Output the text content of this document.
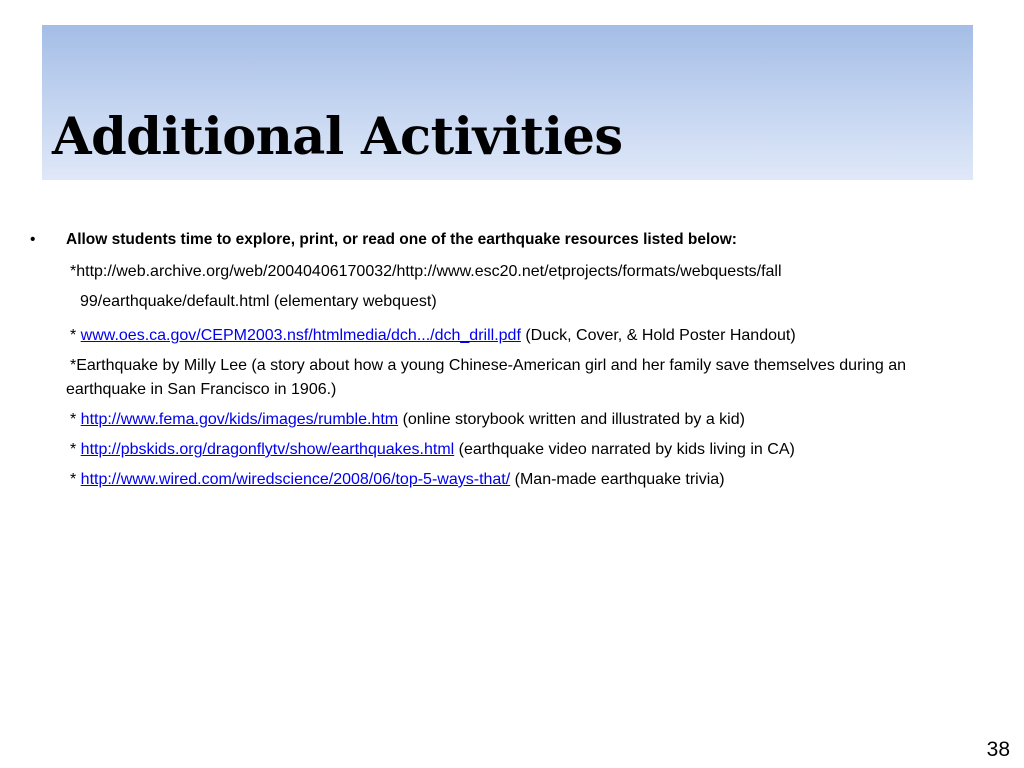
Additional Activities
• Allow students time to explore, print, or read one of the earthquake resources listed below:
*http://web.archive.org/web/20040406170032/http://www.esc20.net/etprojects/formats/webquests/fall
99/earthquake/default.html (elementary webquest)
* www.oes.ca.gov/CEPM2003.nsf/htmlmedia/dch.../dch_drill.pdf (Duck, Cover, & Hold Poster Handout)
*Earthquake by Milly Lee (a story about how a young Chinese-American girl and her family save themselves during an earthquake in San Francisco in 1906.)
* http://www.fema.gov/kids/images/rumble.htm (online storybook written and illustrated by a kid)
* http://pbskids.org/dragonflytv/show/earthquakes.html (earthquake video narrated by kids living in CA)
* http://www.wired.com/wiredscience/2008/06/top-5-ways-that/ (Man-made earthquake trivia)
38
